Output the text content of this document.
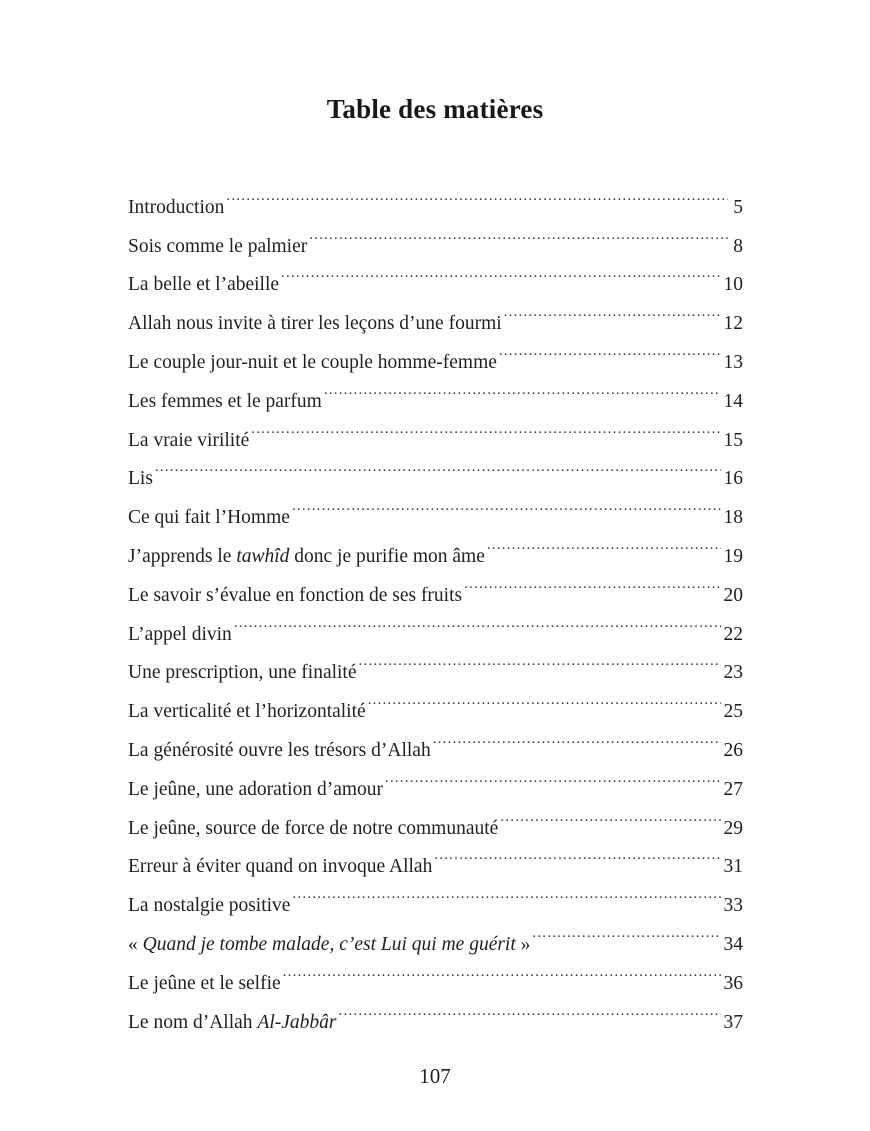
Table des matières
Introduction .....	5
Sois comme le palmier .....	8
La belle et l’abeille .....	10
Allah nous invite à tirer les leçons d’une fourmi .....	12
Le couple jour-nuit et le couple homme-femme .....	13
Les femmes et le parfum .....	14
La vraie virilité .....	15
Lis .....	16
Ce qui fait l’Homme .....	18
J’apprends le tawhîd donc je purifie mon âme .....	19
Le savoir s’évalue en fonction de ses fruits .....	20
L’appel divin .....	22
Une prescription, une finalité .....	23
La verticalité et l’horizontalité .....	25
La générosité ouvre les trésors d’Allah .....	26
Le jeûne, une adoration d’amour .....	27
Le jeûne, source de force de notre communauté .....	29
Erreur à éviter quand on invoque Allah .....	31
La nostalgie positive .....	33
« Quand je tombe malade, c’est Lui qui me guérit » .....	34
Le jeûne et le selfie .....	36
Le nom d’Allah Al-Jabbâr .....	37
107
